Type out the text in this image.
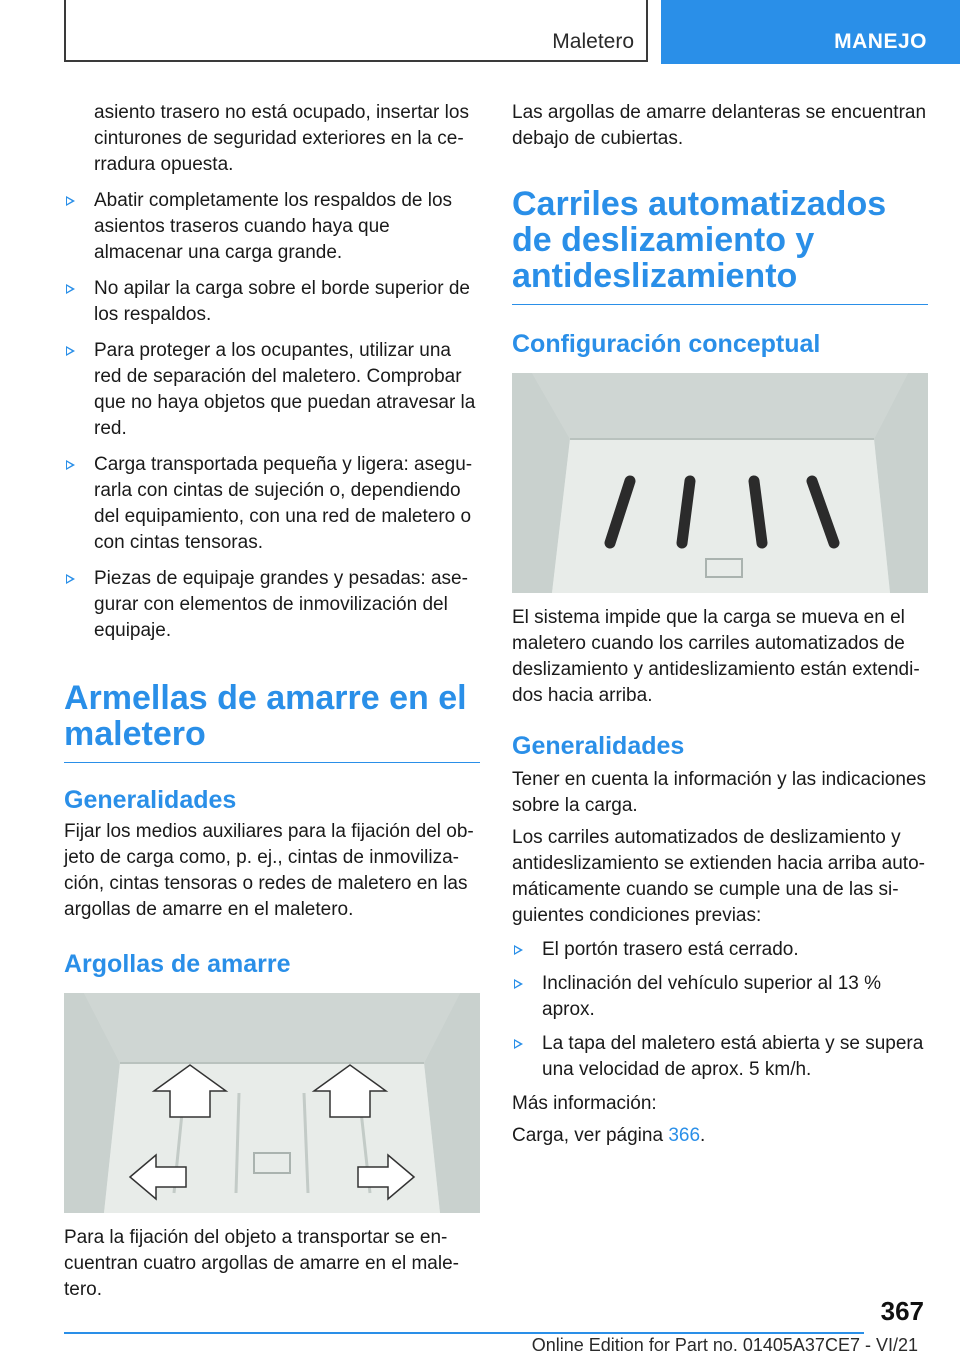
Maletero	MANEJO

asiento trasero no está ocupado, insertar los cinturones de seguridad exteriores en la ce-rradura opuesta.

Abatir completamente los respaldos de los asientos traseros cuando haya que almacenar una carga grande.
No apilar la carga sobre el borde superior de los respaldos.
Para proteger a los ocupantes, utilizar una red de separación del maletero. Comprobar que no haya objetos que puedan atravesar la red.
Carga transportada pequeña y ligera: asegu-rarla con cintas de sujeción o, dependiendo del equipamiento, con una red de maletero o con cintas tensoras.
Piezas de equipaje grandes y pesadas: ase-gurar con elementos de inmovilización del equipaje.
Armellas de amarre en el maletero
Generalidades

Fijar los medios auxiliares para la fijación del ob-jeto de carga como, p. ej., cintas de inmoviliza-ción, cintas tensoras o redes de maletero en las argollas de amarre en el maletero.

Argollas de amarre

Para la fijación del objeto a transportar se en-cuentran cuatro argollas de amarre en el male-tero.

Las argollas de amarre delanteras se encuentran debajo de cubiertas.

Carriles automatizados de deslizamiento y antideslizamiento
Configuración conceptual

El sistema impide que la carga se mueva en el maletero cuando los carriles automatizados de deslizamiento y antideslizamiento están extendi-dos hacia arriba.

Generalidades

Tener en cuenta la información y las indicaciones sobre la carga.

Los carriles automatizados de deslizamiento y antideslizamiento se extienden hacia arriba auto-máticamente cuando se cumple una de las si-guientes condiciones previas:

El portón trasero está cerrado.
Inclinación del vehículo superior al 13 % aprox.
La tapa del maletero está abierta y se supera una velocidad de aprox. 5 km/h.

Más información:

Carga, ver página 366.

367
Online Edition for Part no. 01405A37CE7 - VI/21
